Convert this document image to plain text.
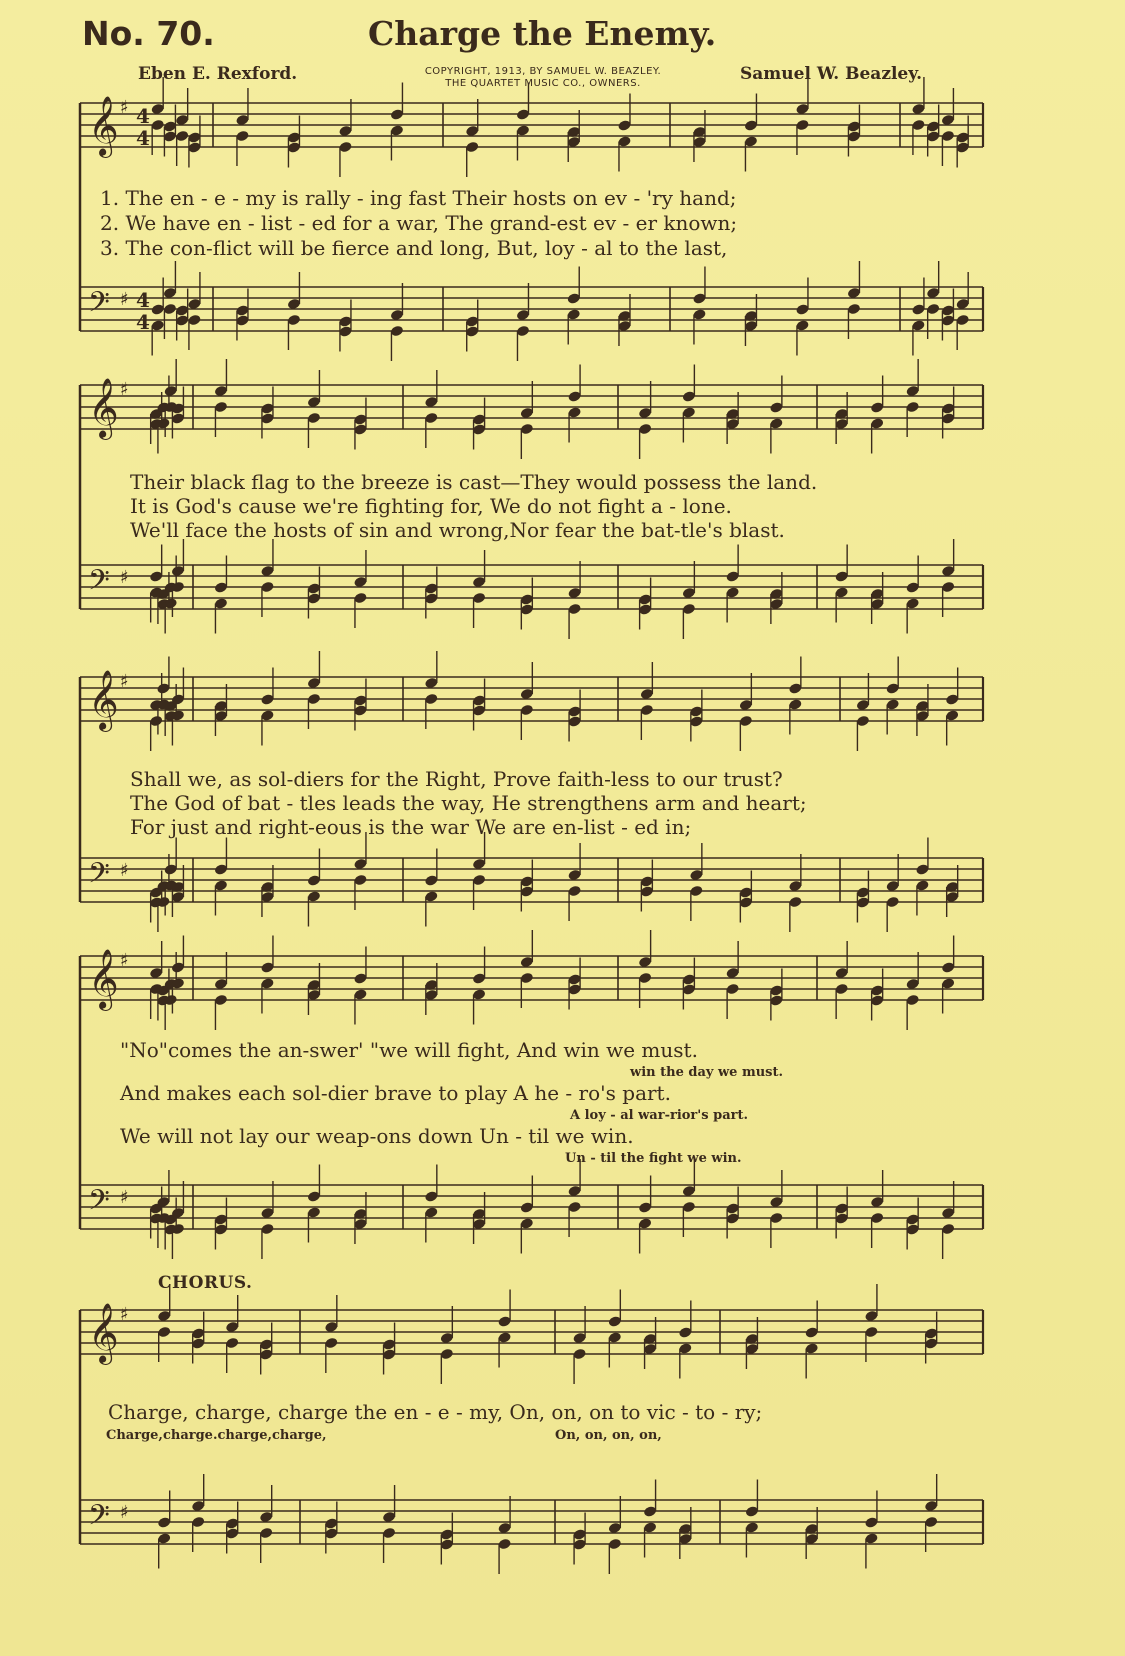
No. 70.	Charge the Enemy.
Eben E. Rexford.	Samuel W. Beazley.
COPYRIGHT, 1913, BY SAMUEL W. BEAZLEY.
THE QUARTET MUSIC CO., OWNERS.
𝄞 ♯ 4
4
𝄢 ♯ 4
4
𝄞 ♯
𝄢 ♯
𝄞 ♯
𝄢 ♯
𝄞 ♯
𝄢 ♯
𝄞 ♯
𝄢 ♯
1. The en - e - my is rally - ing fast Their hosts on ev - 'ry hand;
2. We have en - list - ed for a war, The grand-est ev - er known;
3. The con-flict will be fierce and long, But, loy - al to the last,
Their black flag to the breeze is cast—They would possess the land.
It is God's cause we're fighting for, We do not fight a - lone.
We'll face the hosts of sin and wrong,Nor fear the bat-tle's blast.
Shall we, as sol-diers for the Right, Prove faith-less to our trust?
The God of bat - tles leads the way, He strengthens arm and heart;
For just and right-eous is the war We are en-list - ed in;
"No"comes the an-swer' "we will fight, And win we must.
win the day we must.
And makes each sol-dier brave to play A he - ro's part.
A loy - al war-rior's part.
We will not lay our weap-ons down Un - til we win.
Un - til the fight we win.
CHORUS.
Charge, charge, charge the en - e - my, On, on, on to vic - to - ry;
Charge,charge.charge,charge,	On, on, on, on,
